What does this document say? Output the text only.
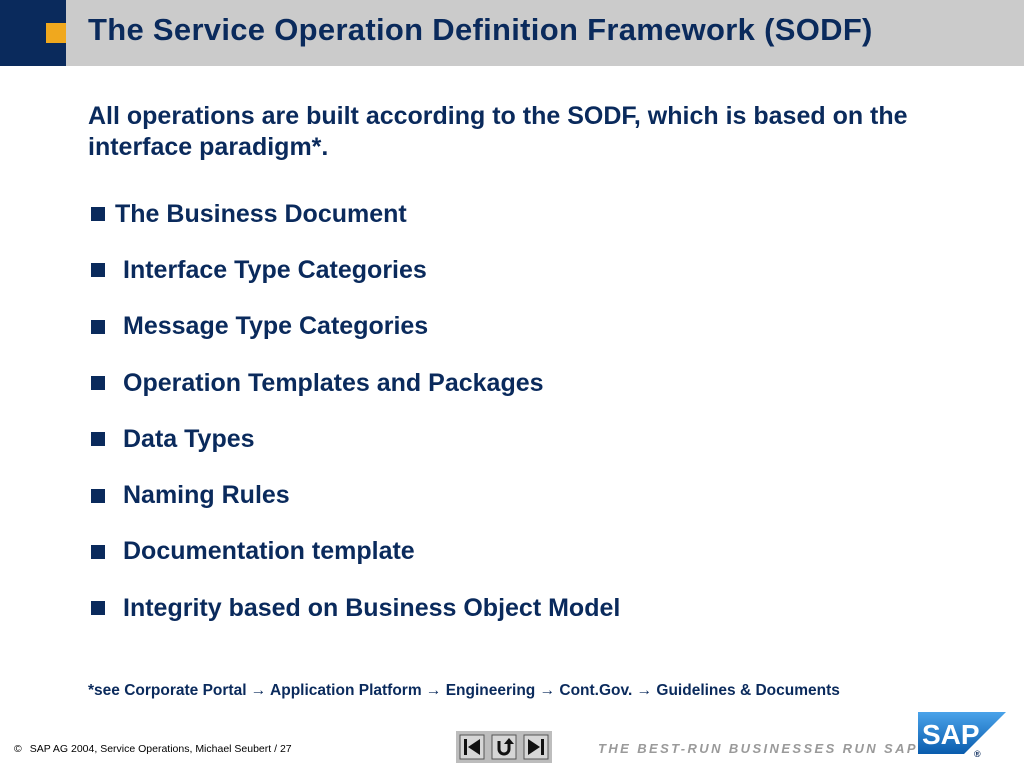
The Service Operation Definition Framework (SODF)
All operations are built according to the SODF, which is based on the interface paradigm*.
The Business Document
Interface Type Categories
Message Type Categories
Operation Templates and Packages
Data Types
Naming Rules
Documentation template
Integrity based on Business Object Model
*see Corporate Portal → Application Platform → Engineering → Cont.Gov. → Guidelines & Documents
© SAP AG 2004, Service Operations, Michael Seubert / 27	THE BEST-RUN BUSINESSES RUN SAP SAP
®
